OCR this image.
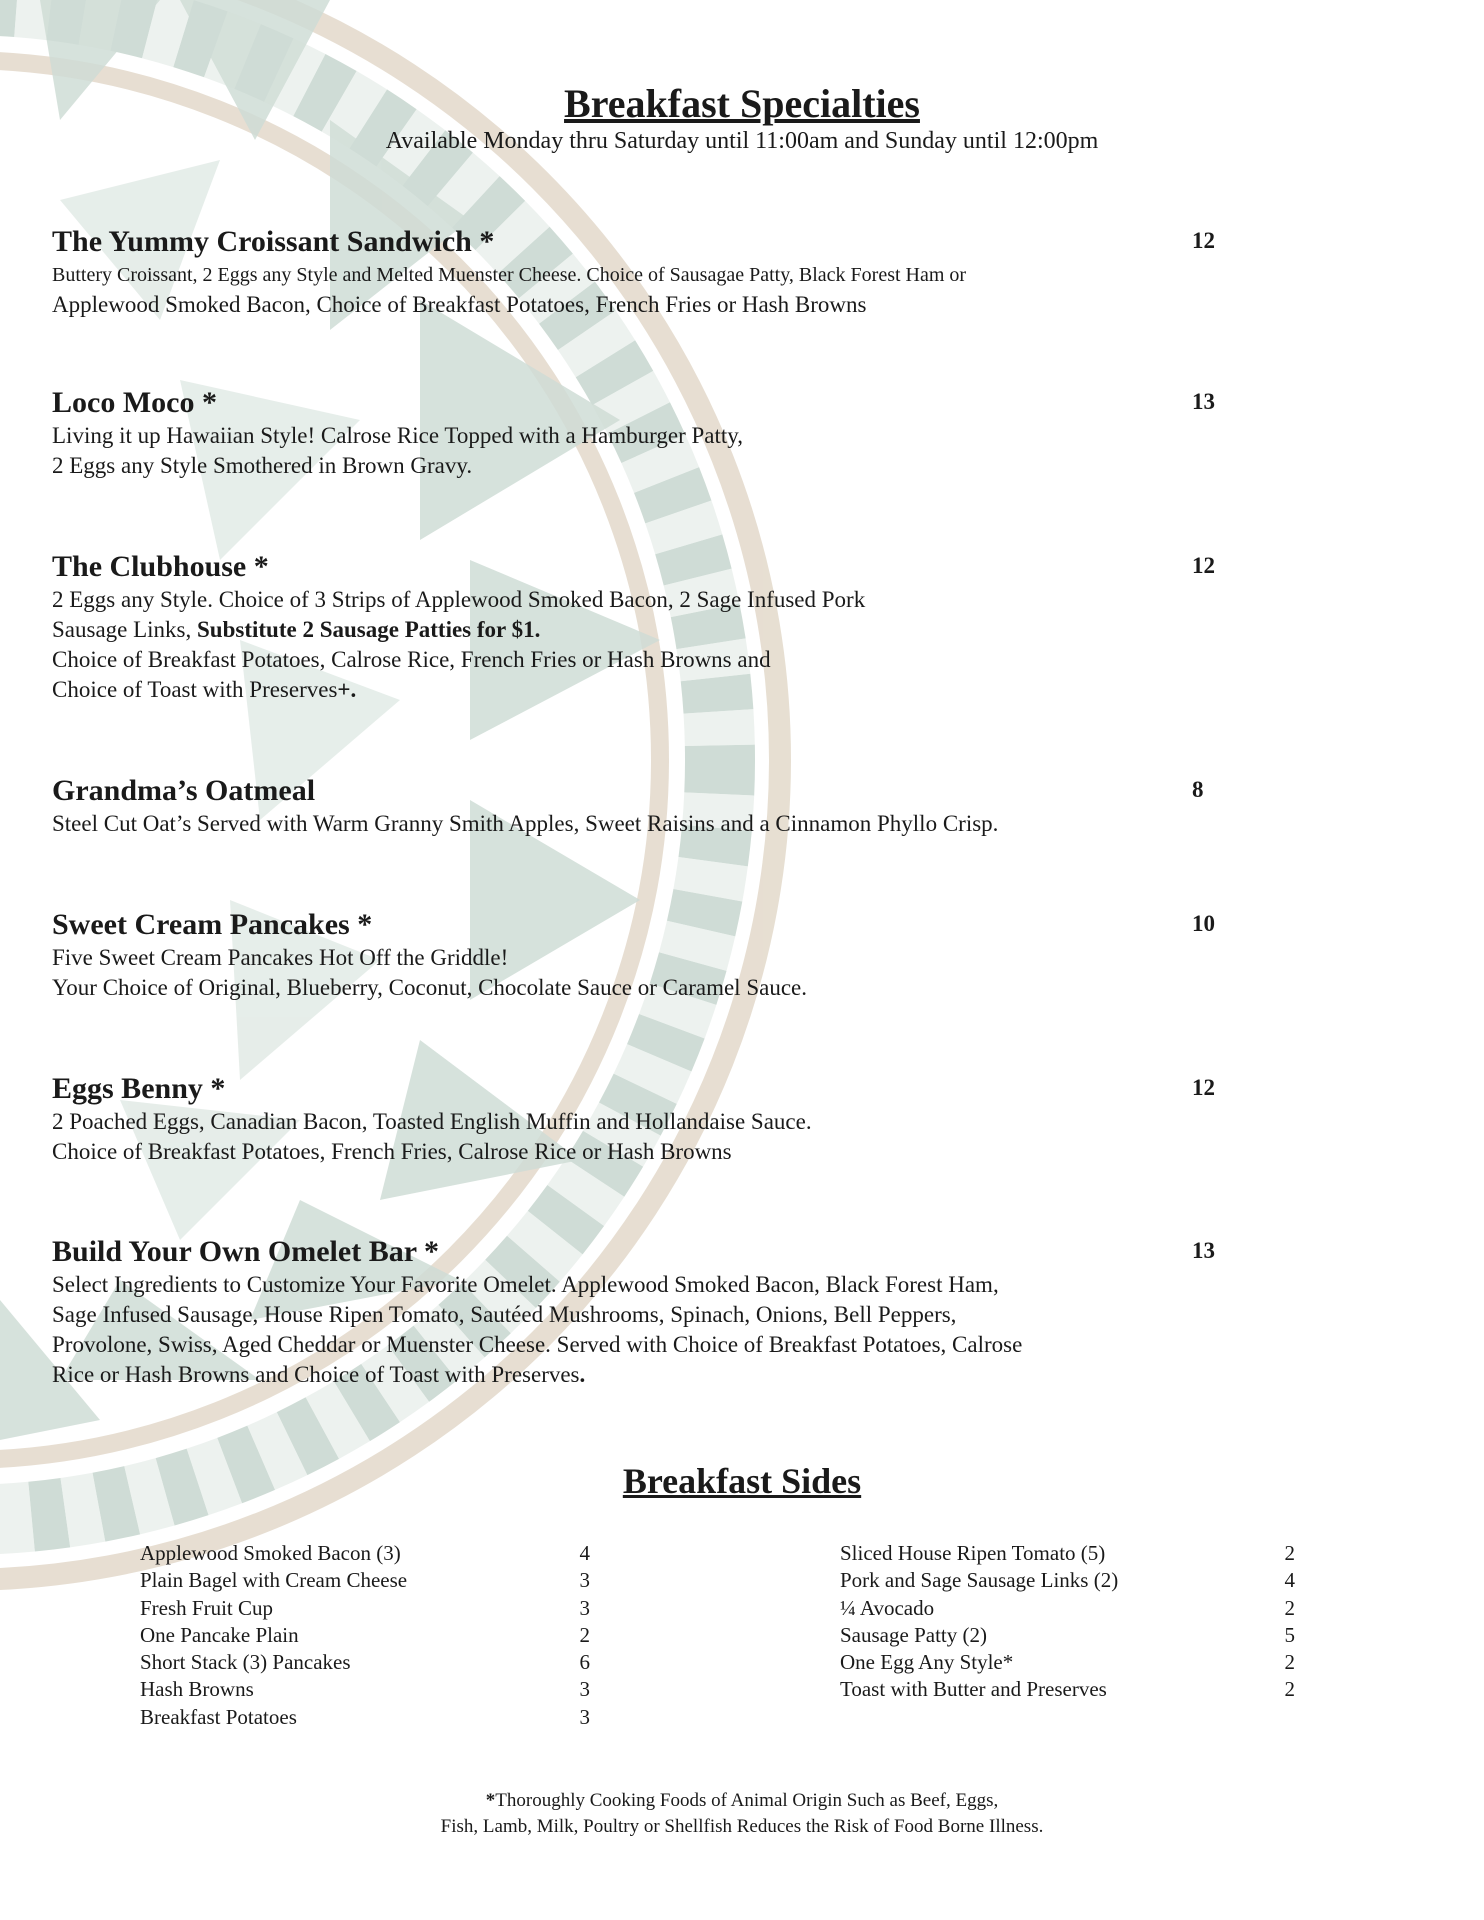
Breakfast Specialties
Available Monday thru Saturday until 11:00am and Sunday until 12:00pm
The Yummy Croissant Sandwich *	12
Buttery Croissant, 2 Eggs any Style and Melted Muenster Cheese. Choice of Sausagae Patty, Black Forest Ham or
Applewood Smoked Bacon, Choice of Breakfast Potatoes, French Fries or Hash Browns
Loco Moco *	13
Living it up Hawaiian Style! Calrose Rice Topped with a Hamburger Patty,
2 Eggs any Style Smothered in Brown Gravy.
The Clubhouse *	12
2 Eggs any Style. Choice of 3 Strips of Applewood Smoked Bacon, 2 Sage Infused Pork
Sausage Links, Substitute 2 Sausage Patties for $1.
Choice of Breakfast Potatoes, Calrose Rice, French Fries or Hash Browns and
Choice of Toast with Preserves+.
Grandma’s Oatmeal	8
Steel Cut Oat’s Served with Warm Granny Smith Apples, Sweet Raisins and a Cinnamon Phyllo Crisp.
Sweet Cream Pancakes *	10
Five Sweet Cream Pancakes Hot Off the Griddle!
Your Choice of Original, Blueberry, Coconut, Chocolate Sauce or Caramel Sauce.
Eggs Benny *	12
2 Poached Eggs, Canadian Bacon, Toasted English Muffin and Hollandaise Sauce.
Choice of Breakfast Potatoes, French Fries, Calrose Rice or Hash Browns
Build Your Own Omelet Bar *	13
Select Ingredients to Customize Your Favorite Omelet. Applewood Smoked Bacon, Black Forest Ham,
Sage Infused Sausage, House Ripen Tomato, Sautéed Mushrooms, Spinach, Onions, Bell Peppers,
Provolone, Swiss, Aged Cheddar or Muenster Cheese. Served with Choice of Breakfast Potatoes, Calrose
Rice or Hash Browns and Choice of Toast with Preserves.
Breakfast Sides
Applewood Smoked Bacon (3)	4
Plain Bagel with Cream Cheese	3
Fresh Fruit Cup	3
One Pancake Plain	2
Short Stack (3) Pancakes	6
Hash Browns	3
Breakfast Potatoes	3
Sliced House Ripen Tomato (5)	2
Pork and Sage Sausage Links (2)	4
¼ Avocado	2
Sausage Patty (2)	5
One Egg Any Style*	2
Toast with Butter and Preserves	2
*Thoroughly Cooking Foods of Animal Origin Such as Beef, Eggs,
Fish, Lamb, Milk, Poultry or Shellfish Reduces the Risk of Food Borne Illness.
